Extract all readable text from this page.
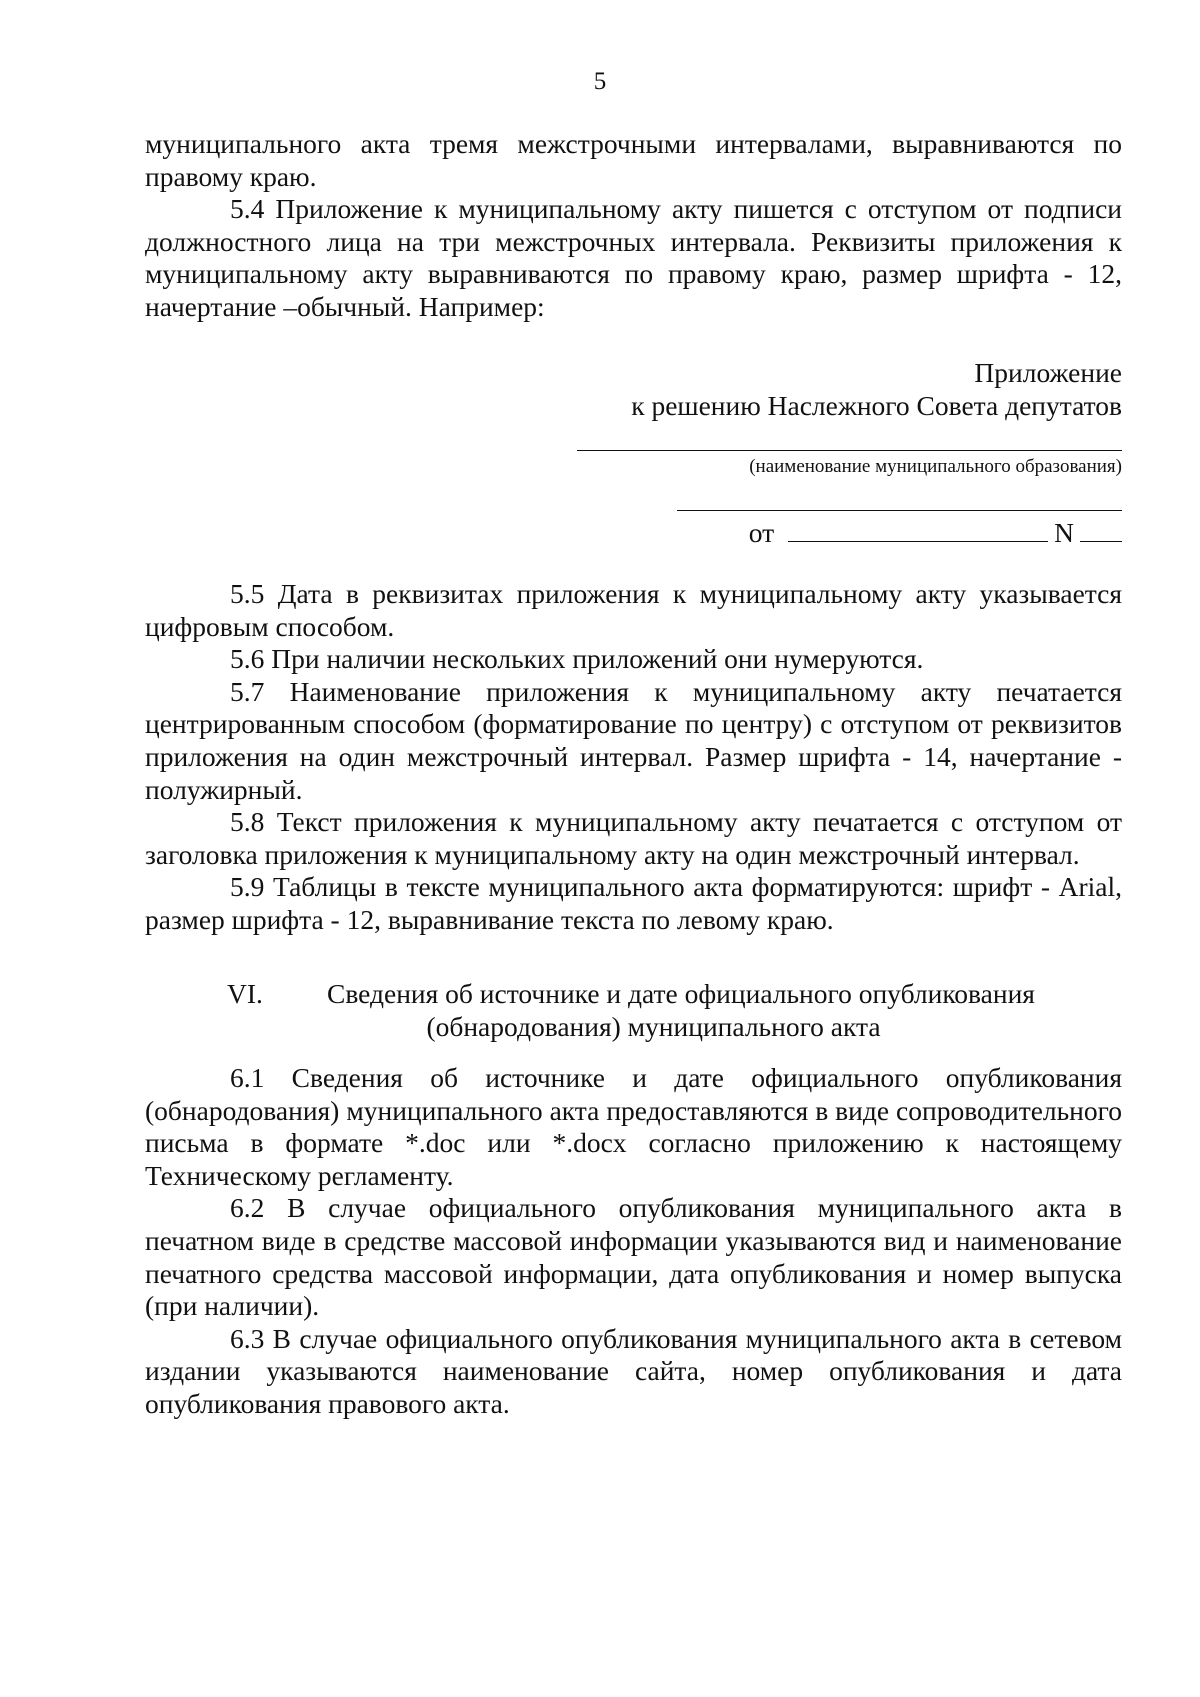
5

муниципального акта тремя межстрочными интервалами, выравниваются по правому краю.

5.4 Приложение к муниципальному акту пишется с отступом от подписи должностного лица на три межстрочных интервала. Реквизиты приложения к муниципальному акту выравниваются по правому краю, размер шрифта - 12, начертание –обычный. Например:

Приложение
к решению Наслежного Совета депутатов
(наименование муниципального образования)
от	N

5.5 Дата в реквизитах приложения к муниципальному акту указывается цифровым способом.

5.6 При наличии нескольких приложений они нумеруются.

5.7 Наименование приложения к муниципальному акту печатается центрированным способом (форматирование по центру) с отступом от реквизитов приложения на один межстрочный интервал. Размер шрифта - 14, начертание - полужирный.

5.8 Текст приложения к муниципальному акту печатается с отступом от заголовка приложения к муниципальному акту на один межстрочный интервал.

5.9 Таблицы в тексте муниципального акта форматируются: шрифт - Arial, размер шрифта - 12, выравнивание текста по левому краю.

VI. Сведения об источнике и дате официального опубликования
(обнародования) муниципального акта

6.1 Сведения об источнике и дате официального опубликования (обнародования) муниципального акта предоставляются в виде сопроводительного письма в формате *.doc или *.docx согласно приложению к настоящему Техническому регламенту.

6.2 В случае официального опубликования муниципального акта в печатном виде в средстве массовой информации указываются вид и наименование печатного средства массовой информации, дата опубликования и номер выпуска (при наличии).

6.3 В случае официального опубликования муниципального акта в сетевом издании указываются наименование сайта, номер опубликования и дата опубликования правового акта.
